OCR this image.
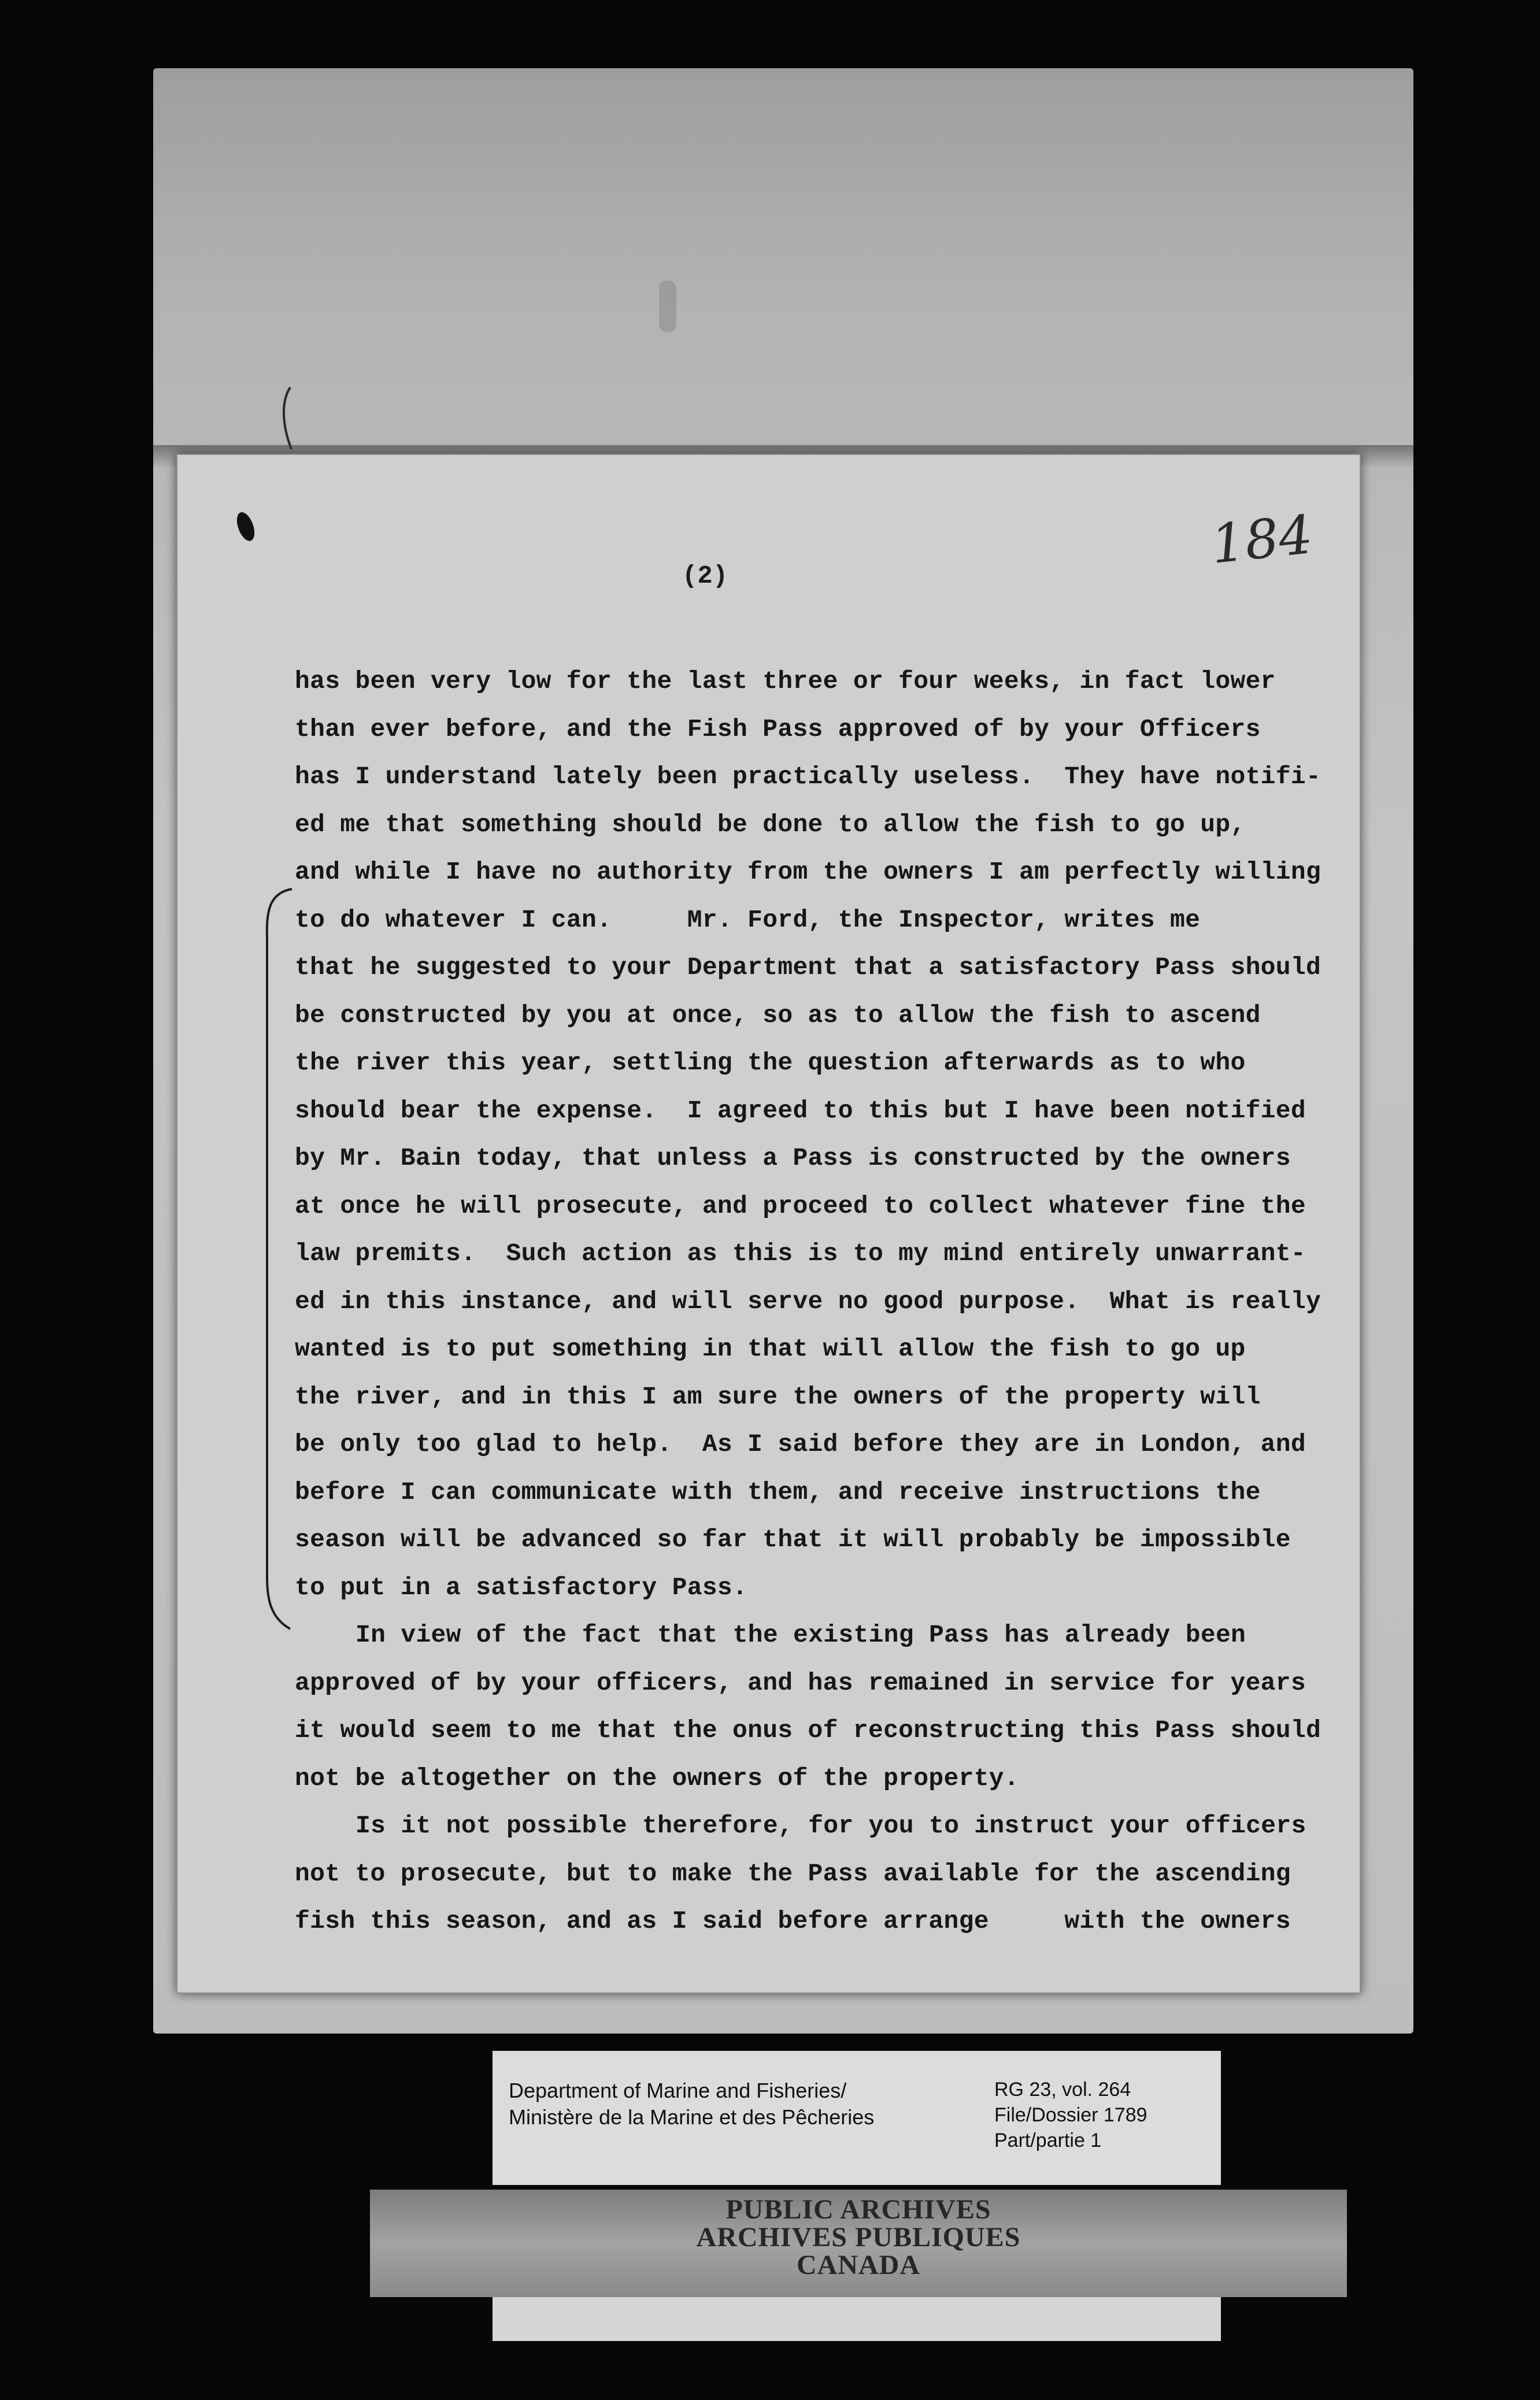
184
(2)
has been very low for the last three or four weeks, in fact lower
than ever before, and the Fish Pass approved of by your Officers
has I understand lately been practically useless.  They have notifi-
ed me that something should be done to allow the fish to go up,
and while I have no authority from the owners I am perfectly willing
to do whatever I can.     Mr. Ford, the Inspector, writes me
that he suggested to your Department that a satisfactory Pass should
be constructed by you at once, so as to allow the fish to ascend
the river this year, settling the question afterwards as to who
should bear the expense.  I agreed to this but I have been notified
by Mr. Bain today, that unless a Pass is constructed by the owners
at once he will prosecute, and proceed to collect whatever fine the
law premits.  Such action as this is to my mind entirely unwarrant-
ed in this instance, and will serve no good purpose.  What is really
wanted is to put something in that will allow the fish to go up
the river, and in this I am sure the owners of the property will
be only too glad to help.  As I said before they are in London, and
before I can communicate with them, and receive instructions the
season will be advanced so far that it will probably be impossible
to put in a satisfactory Pass.
In view of the fact that the existing Pass has already been
approved of by your officers, and has remained in service for years
it would seem to me that the onus of reconstructing this Pass should
not be altogether on the owners of the property.
Is it not possible therefore, for you to instruct your officers
not to prosecute, but to make the Pass available for the ascending
fish this season, and as I said before arrange     with the owners
Department of Marine and Fisheries/
Ministère de la Marine et des Pêcheries
RG 23, vol. 264
File/Dossier 1789
Part/partie 1
PUBLIC ARCHIVES
ARCHIVES PUBLIQUES
CANADA
